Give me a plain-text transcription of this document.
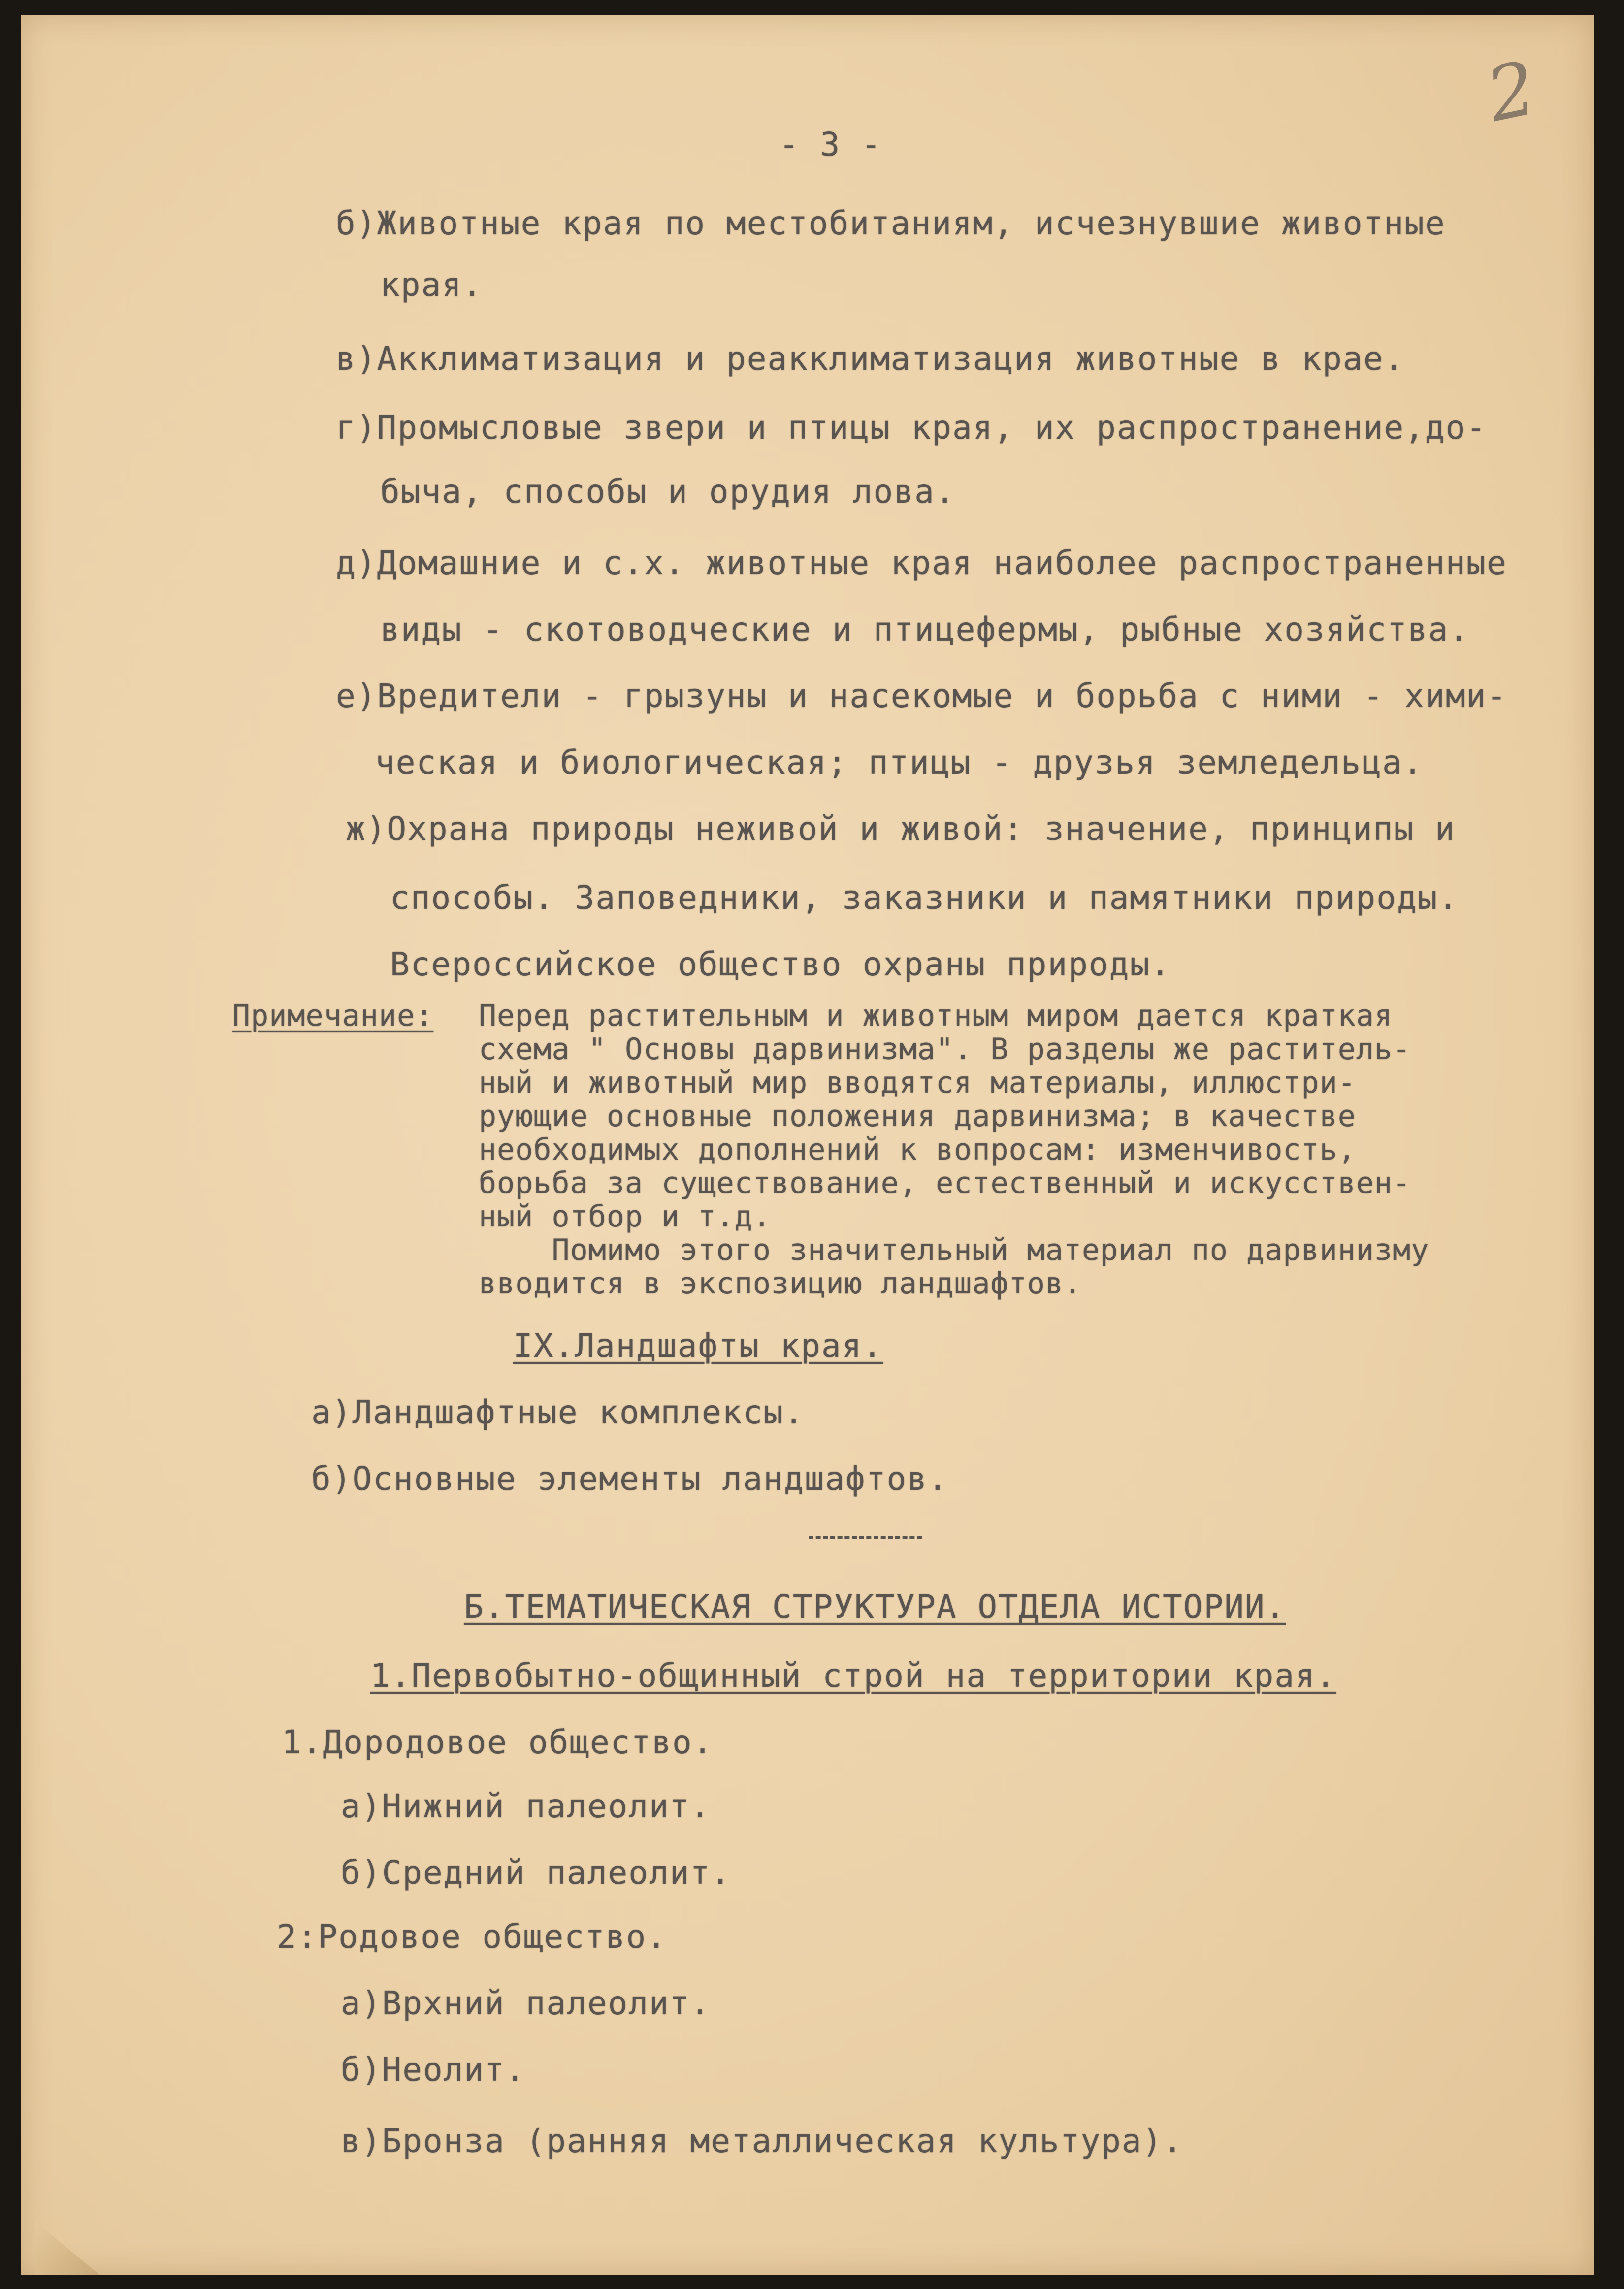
2
- 3 -
б)Животные края по местобитаниям, исчезнувшие животные
края.
в)Акклиматизация и реакклиматизация животные в крае.
г)Промысловые звери и птицы края, их распространение,до-
быча, способы и орудия лова.
д)Домашние и с.х. животные края наиболее распространенные
виды - скотоводческие и птицефермы, рыбные хозяйства.
е)Вредители - грызуны и насекомые и борьба с ними - хими-
ческая и биологическая; птицы - друзья земледельца.
ж)Охрана природы неживой и живой: значение, принципы и
способы. Заповедники, заказники и памятники природы.
Всероссийское общество охраны природы.
Примечание: Перед растительным и животным миром дается краткая
схема " Основы дарвинизма". В разделы же раститель-
ный и животный мир вводятся материалы, иллюстри-
рующие основные положения дарвинизма; в качестве
необходимых дополнений к вопросам: изменчивость,
борьба за существование, естественный и искусствен-
ный отбор и т.д.
Помимо этого значительный материал по дарвинизму
вводится в экспозицию ландшафтов.
IX.Ландшафты края.
а)Ландшафтные комплексы.
б)Основные элементы ландшафтов.
Б.ТЕМАТИЧЕСКАЯ СТРУКТУРА ОТДЕЛА ИСТОРИИ.
1.Первобытно-общинный строй на территории края.
1.Дородовое общество.
а)Нижний палеолит.
б)Средний палеолит.
2:Родовое общество.
а)Врхний палеолит.
б)Неолит.
в)Бронза (ранняя металлическая культура).
